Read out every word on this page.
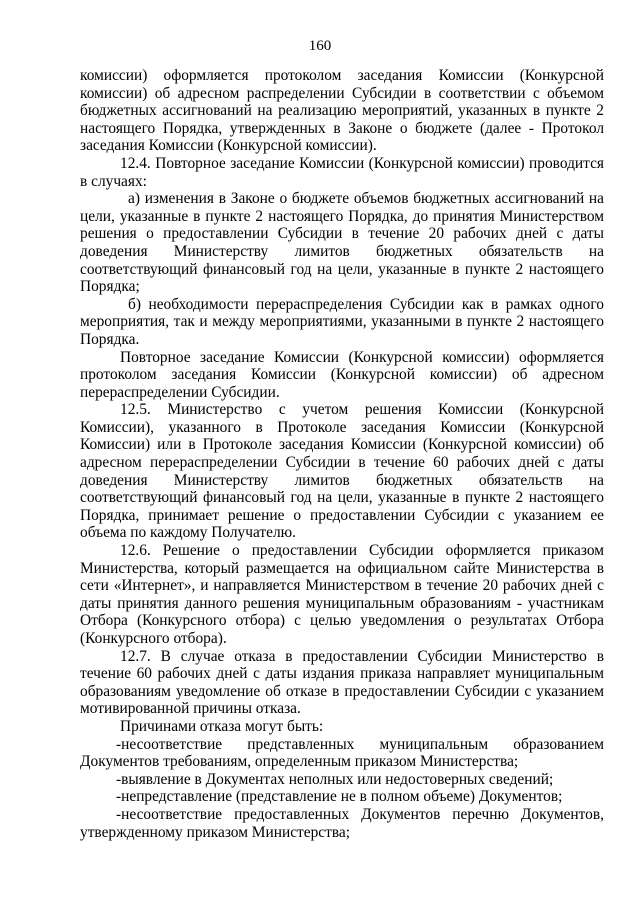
160

комиссии) оформляется протоколом заседания Комиссии (Конкурсной комиссии) об адресном распределении Субсидии в соответствии с объемом бюджетных ассигнований на реализацию мероприятий, указанных в пункте 2 настоящего Порядка, утвержденных в Законе о бюджете (далее - Протокол заседания Комиссии (Конкурсной комиссии).

12.4. Повторное заседание Комиссии (Конкурсной комиссии) проводится в случаях:

а) изменения в Законе о бюджете объемов бюджетных ассигнований на цели, указанные в пункте 2 настоящего Порядка, до принятия Министерством решения о предоставлении Субсидии в течение 20 рабочих дней с даты доведения Министерству лимитов бюджетных обязательств на соответствующий финансовый год на цели, указанные в пункте 2 настоящего Порядка;

б) необходимости перераспределения Субсидии как в рамках одного мероприятия, так и между мероприятиями, указанными в пункте 2 настоящего Порядка.

Повторное заседание Комиссии (Конкурсной комиссии) оформляется протоколом заседания Комиссии (Конкурсной комиссии) об адресном перераспределении Субсидии.

12.5. Министерство с учетом решения Комиссии (Конкурсной Комиссии), указанного в Протоколе заседания Комиссии (Конкурсной Комиссии) или в Протоколе заседания Комиссии (Конкурсной комиссии) об адресном перераспределении Субсидии в течение 60 рабочих дней с даты доведения Министерству лимитов бюджетных обязательств на соответствующий финансовый год на цели, указанные в пункте 2 настоящего Порядка, принимает решение о предоставлении Субсидии с указанием ее объема по каждому Получателю.

12.6. Решение о предоставлении Субсидии оформляется приказом Министерства, который размещается на официальном сайте Министерства в сети «Интернет», и направляется Министерством в течение 20 рабочих дней с даты принятия данного решения муниципальным образованиям - участникам Отбора (Конкурсного отбора) с целью уведомления о результатах Отбора (Конкурсного отбора).

12.7. В случае отказа в предоставлении Субсидии Министерство в течение 60 рабочих дней с даты издания приказа направляет муниципальным образованиям уведомление об отказе в предоставлении Субсидии с указанием мотивированной причины отказа.

Причинами отказа могут быть:

-несоответствие представленных муниципальным образованием Документов требованиям, определенным приказом Министерства;

-выявление в Документах неполных или недостоверных сведений;

-непредставление (представление не в полном объеме) Документов;

-несоответствие предоставленных Документов перечню Документов, утвержденному приказом Министерства;
